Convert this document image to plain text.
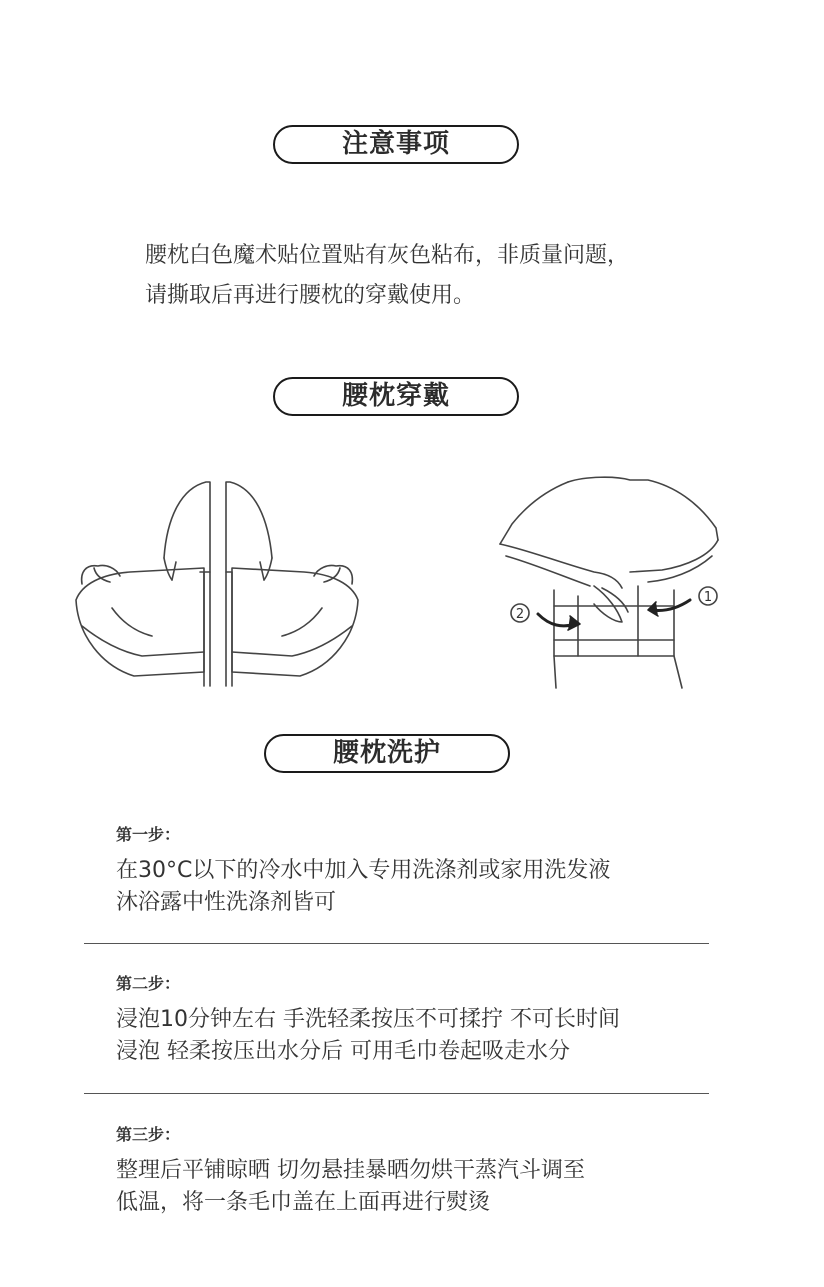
注意事项
腰枕白色魔术贴位置贴有灰色粘布，非质量问题，
请撕取后再进行腰枕的穿戴使用。
腰枕穿戴
2
1
腰枕洗护
第一步：
在30°C以下的冷水中加入专用洗涤剂或家用洗发液
沐浴露中性洗涤剂皆可
第二步：
浸泡10分钟左右 手洗轻柔按压不可揉拧 不可长时间
浸泡 轻柔按压出水分后 可用毛巾卷起吸走水分
第三步：
整理后平铺晾晒 切勿悬挂暴晒勿烘干蒸汽斗调至
低温，将一条毛巾盖在上面再进行熨烫
